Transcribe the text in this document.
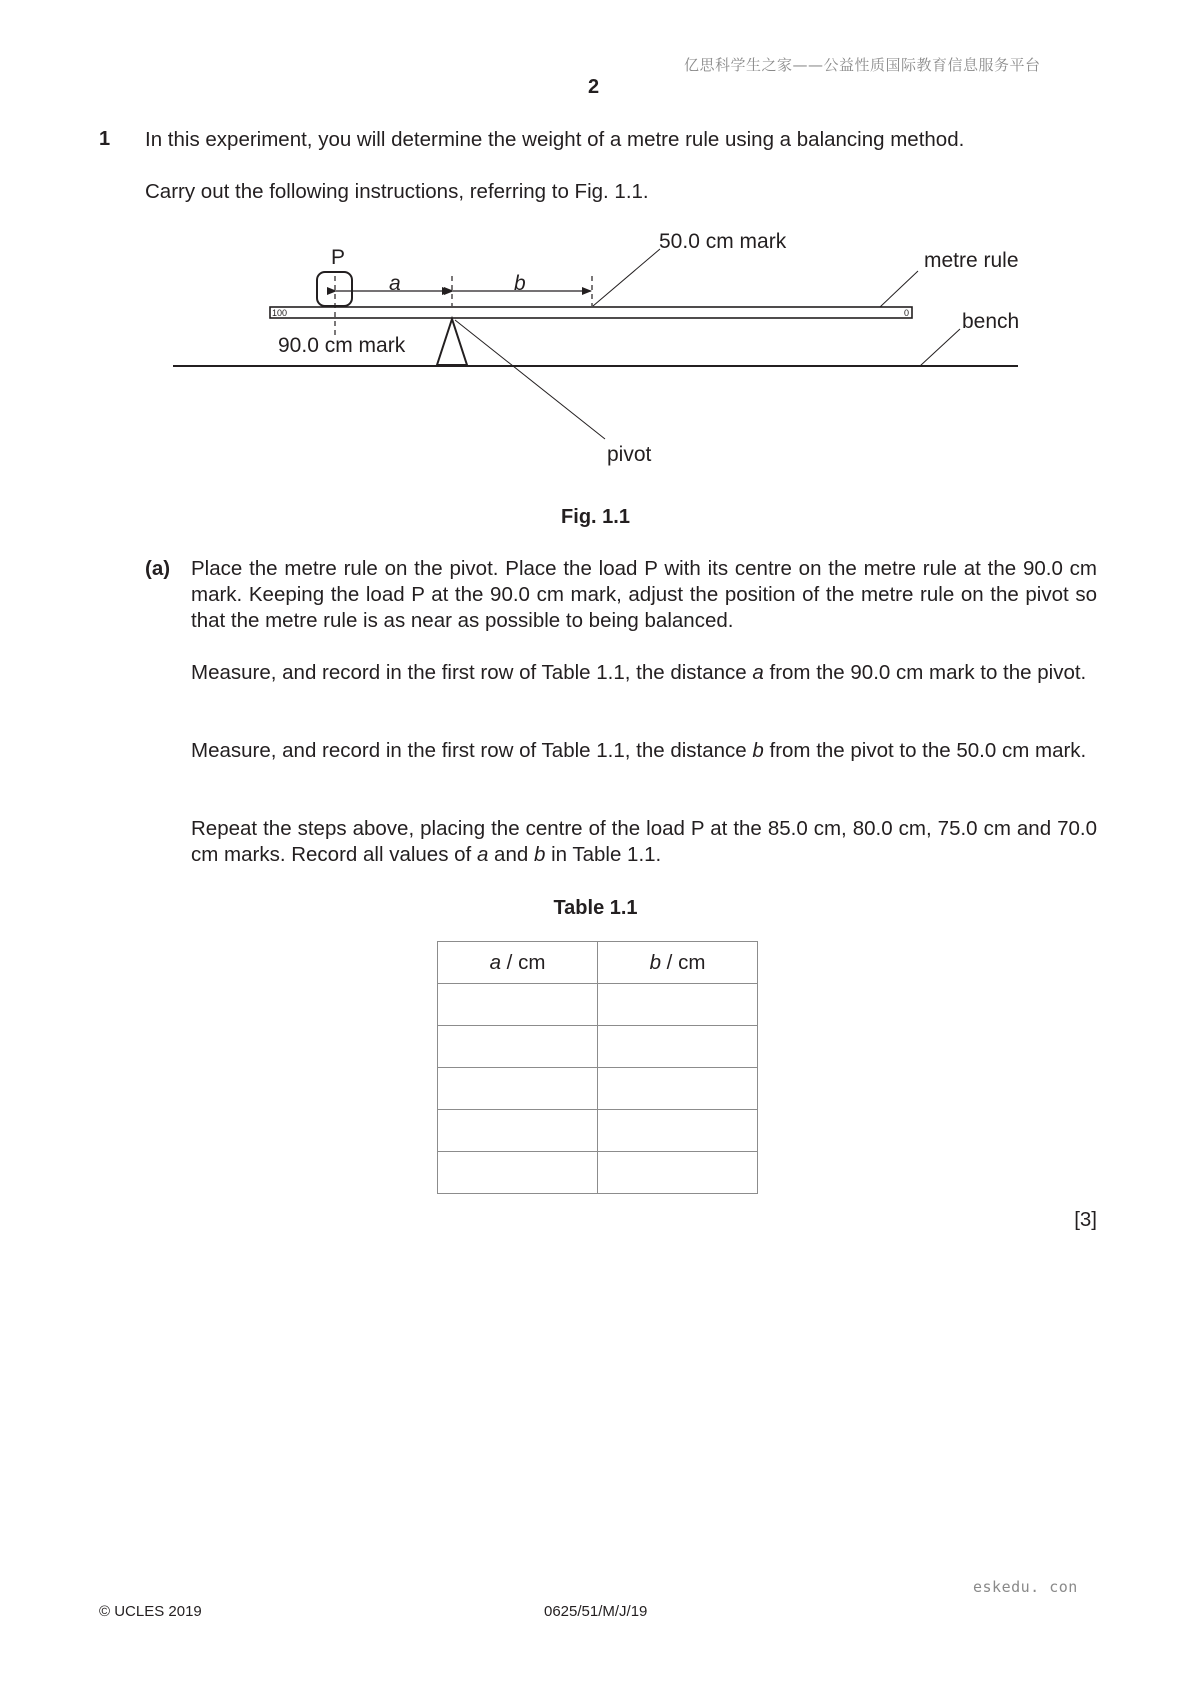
亿思科学生之家——公益性质国际教育信息服务平台
2
1 In this experiment, you will determine the weight of a metre rule using a balancing method.
Carry out the following instructions, referring to Fig. 1.1.
100	0
P
a	b
50.0 cm mark
metre rule
bench
90.0 cm mark
pivot
Fig. 1.1
(a) Place the metre rule on the pivot. Place the load P with its centre on the metre rule at the 90.0 cm mark. Keeping the load P at the 90.0 cm mark, adjust the position of the metre rule on the pivot so that the metre rule is as near as possible to being balanced.
Measure, and record in the first row of Table 1.1, the distance a from the 90.0 cm mark to the pivot.
Measure, and record in the first row of Table 1.1, the distance b from the pivot to the 50.0 cm mark.
Repeat the steps above, placing the centre of the load P at the 85.0 cm, 80.0 cm, 75.0 cm and 70.0 cm marks. Record all values of a and b in Table 1.1.
Table 1.1
a / cm	b / cm

[3]
eskedu. con
© UCLES 2019	0625/51/M/J/19
